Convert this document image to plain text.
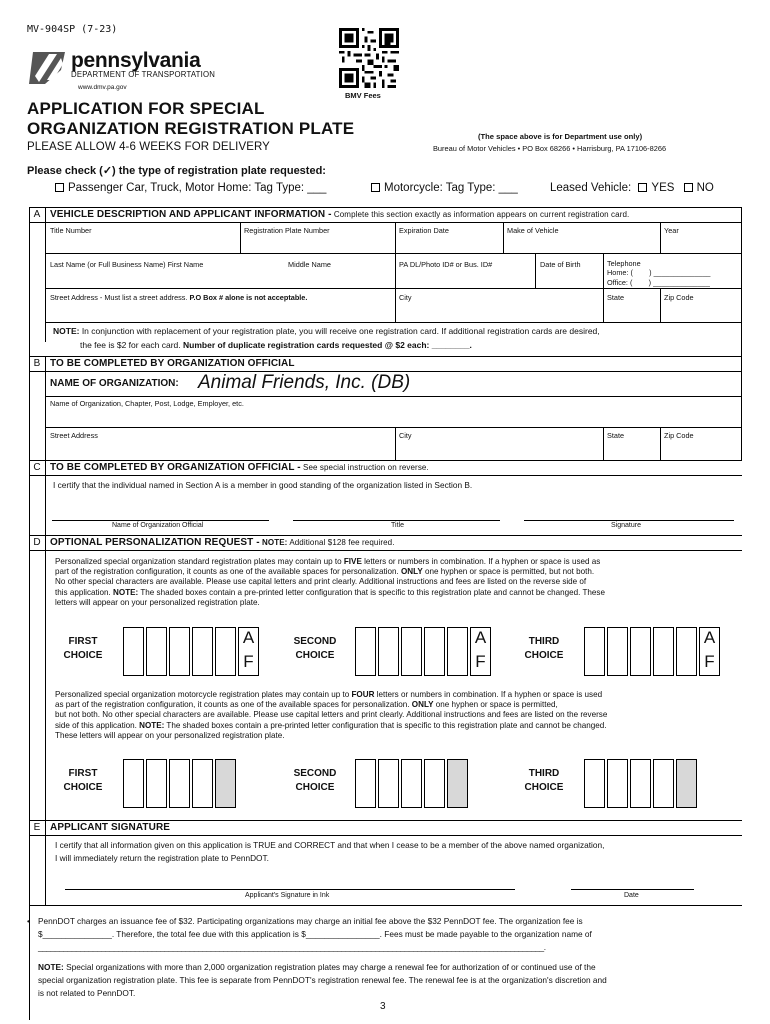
MV-904SP (7-23)
pennsylvania
DEPARTMENT OF TRANSPORTATION
www.dmv.pa.gov
BMV Fees
APPLICATION FOR SPECIAL
ORGANIZATION REGISTRATION PLATE
PLEASE ALLOW 4-6 WEEKS FOR DELIVERY
(The space above is for Department use only)
Bureau of Motor Vehicles • PO Box 68266 • Harrisburg, PA 17106-8266
Please check (✓) the type of registration plate requested:
Passenger Car, Truck, Motor Home: Tag Type: ___	Motorcycle: Tag Type: ___	Leased Vehicle: YES NO
A VEHICLE DESCRIPTION AND APPLICANT INFORMATION - Complete this section exactly as information appears on current registration card.
Title Number	Registration Plate Number	Expiration Date	Make of Vehicle	Year
Last Name (or Full Business Name) First Name	Middle Name	PA DL/Photo ID# or Bus. ID#	Date of Birth	Telephone
Home: (        ) ______________
Office: (        ) ______________
Street Address - Must list a street address. P.O Box # alone is not acceptable.	City	State	Zip Code
NOTE: In conjunction with replacement of your registration plate, you will receive one registration card. If additional registration cards are desired,
the fee is $2 for each card. Number of duplicate registration cards requested @ $2 each: ________.
B TO BE COMPLETED BY ORGANIZATION OFFICIAL
NAME OF ORGANIZATION: Animal Friends, Inc. (DB)
Name of Organization, Chapter, Post, Lodge, Employer, etc.
Street Address	City	State	Zip Code
C TO BE COMPLETED BY ORGANIZATION OFFICIAL - See special instruction on reverse.
I certify that the individual named in Section A is a member in good standing of the organization listed in Section B.
Name of Organization Official	Title	Signature
D OPTIONAL PERSONALIZATION REQUEST - NOTE: Additional $128 fee required.
Personalized special organization standard registration plates may contain up to FIVE letters or numbers in combination. If a hyphen or space is used as
part of the registration configuration, it counts as one of the available spaces for personalization. ONLY one hyphen or space is permitted, but not both.
No other special characters are available. Please use capital letters and print clearly. Additional instructions and fees are listed on the reverse side of
this application. NOTE: The shaded boxes contain a pre-printed letter configuration that is specific to this registration plate and cannot be changed. These
letters will appear on your personalized registration plate.
FIRST
CHOICE
A
F
SECOND
CHOICE
A
F
THIRD
CHOICE
A
F
Personalized special organization motorcycle registration plates may contain up to FOUR letters or numbers in combination. If a hyphen or space is used
as part of the registration configuration, it counts as one of the available spaces for personalization. ONLY one hyphen or space is permitted,
but not both. No other special characters are available. Please use capital letters and print clearly. Additional instructions and fees are listed on the reverse
side of this application. NOTE: The shaded boxes contain a pre-printed letter configuration that is specific to this registration plate and cannot be changed.
These letters will appear on your personalized registration plate.
FIRST
CHOICE
SECOND
CHOICE
THIRD
CHOICE
E APPLICANT SIGNATURE
I certify that all information given on this application is TRUE and CORRECT and that when I cease to be a member of the above named organization,
I will immediately return the registration plate to PennDOT.
Applicant's Signature in Ink	Date
• PennDOT charges an issuance fee of $32. Participating organizations may charge an initial fee above the $32 PennDOT fee. The organization fee is
$_______________. Therefore, the total fee due with this application is $________________. Fees must be made payable to the organization name of
________________________________________________________________________________________________________________________.
NOTE: Special organizations with more than 2,000 organization registration plates may charge a renewal fee for authorization of or continued use of the
special organization registration plate. This fee is separate from PennDOT's registration renewal fee. The renewal fee is at the organization's discretion and
is not related to PennDOT.
3
